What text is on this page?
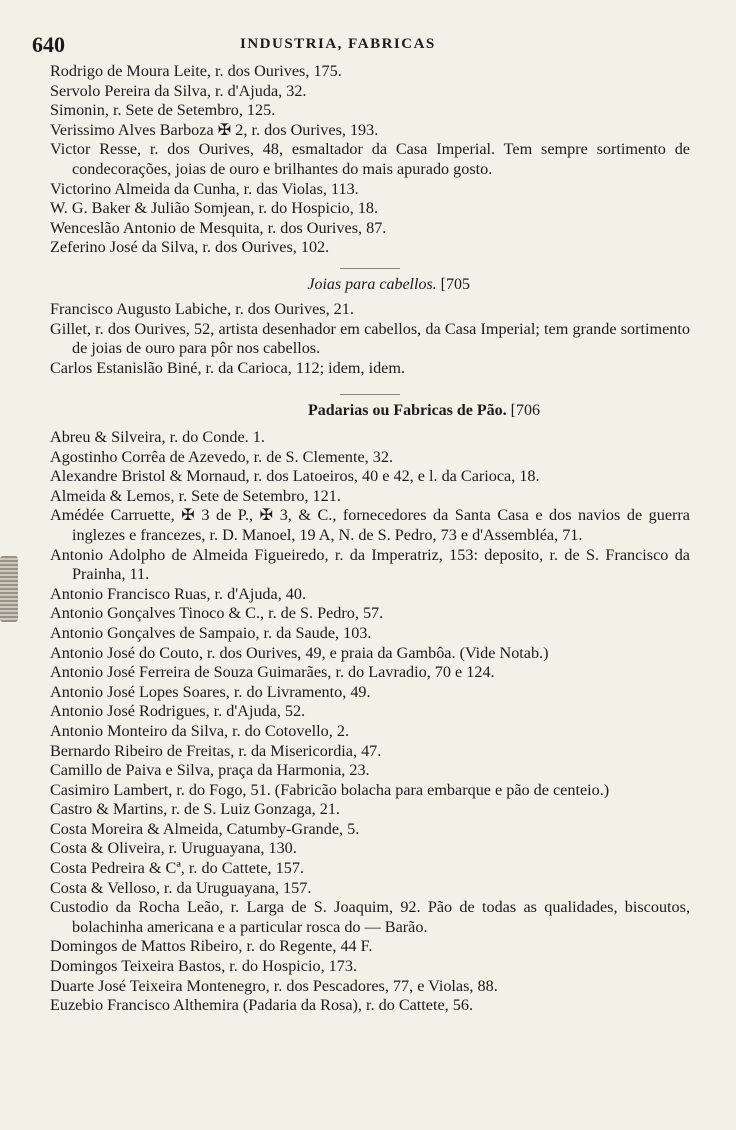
640	INDUSTRIA, FABRICAS
Rodrigo de Moura Leite, r. dos Ourives, 175.
Servolo Pereira da Silva, r. d'Ajuda, 32.
Simonin, r. Sete de Setembro, 125.
Verissimo Alves Barboza ✠ 2, r. dos Ourives, 193.
Victor Resse, r. dos Ourives, 48, esmaltador da Casa Imperial. Tem sempre sortimento de condecorações, joias de ouro e brilhantes do mais apurado gosto.
Victorino Almeida da Cunha, r. das Violas, 113.
W. G. Baker & Julião Somjean, r. do Hospicio, 18.
Wenceslão Antonio de Mesquita, r. dos Ourives, 87.
Zeferino José da Silva, r. dos Ourives, 102.
Joias para cabellos. [705
Francisco Augusto Labiche, r. dos Ourives, 21.
Gillet, r. dos Ourives, 52, artista desenhador em cabellos, da Casa Imperial; tem grande sortimento de joias de ouro para pôr nos cabellos.
Carlos Estanislão Biné, r. da Carioca, 112; idem, idem.
Padarias ou Fabricas de Pão. [706
Abreu & Silveira, r. do Conde. 1.
Agostinho Corrêa de Azevedo, r. de S. Clemente, 32.
Alexandre Bristol & Mornaud, r. dos Latoeiros, 40 e 42, e l. da Carioca, 18.
Almeida & Lemos, r. Sete de Setembro, 121.
Amédée Carruette, ✠ 3 de P., ✠ 3, & C., fornecedores da Santa Casa e dos navios de guerra inglezes e francezes, r. D. Manoel, 19 A, N. de S. Pedro, 73 e d'Assembléa, 71.
Antonio Adolpho de Almeida Figueiredo, r. da Imperatriz, 153: deposito, r. de S. Francisco da Prainha, 11.
Antonio Francisco Ruas, r. d'Ajuda, 40.
Antonio Gonçalves Tinoco & C., r. de S. Pedro, 57.
Antonio Gonçalves de Sampaio, r. da Saude, 103.
Antonio José do Couto, r. dos Ourives, 49, e praia da Gambôa. (Vide Notab.)
Antonio José Ferreira de Souza Guimarães, r. do Lavradio, 70 e 124.
Antonio José Lopes Soares, r. do Livramento, 49.
Antonio José Rodrigues, r. d'Ajuda, 52.
Antonio Monteiro da Silva, r. do Cotovello, 2.
Bernardo Ribeiro de Freitas, r. da Misericordia, 47.
Camillo de Paiva e Silva, praça da Harmonia, 23.
Casimiro Lambert, r. do Fogo, 51. (Fabricão bolacha para embarque e pão de centeio.)
Castro & Martins, r. de S. Luiz Gonzaga, 21.
Costa Moreira & Almeida, Catumby-Grande, 5.
Costa & Oliveira, r. Uruguayana, 130.
Costa Pedreira & Cª, r. do Cattete, 157.
Costa & Velloso, r. da Uruguayana, 157.
Custodio da Rocha Leão, r. Larga de S. Joaquim, 92. Pão de todas as qualidades, biscoutos, bolachinha americana e a particular rosca do — Barão.
Domingos de Mattos Ribeiro, r. do Regente, 44 F.
Domingos Teixeira Bastos, r. do Hospicio, 173.
Duarte José Teixeira Montenegro, r. dos Pescadores, 77, e Violas, 88.
Euzebio Francisco Althemira (Padaria da Rosa), r. do Cattete, 56.
